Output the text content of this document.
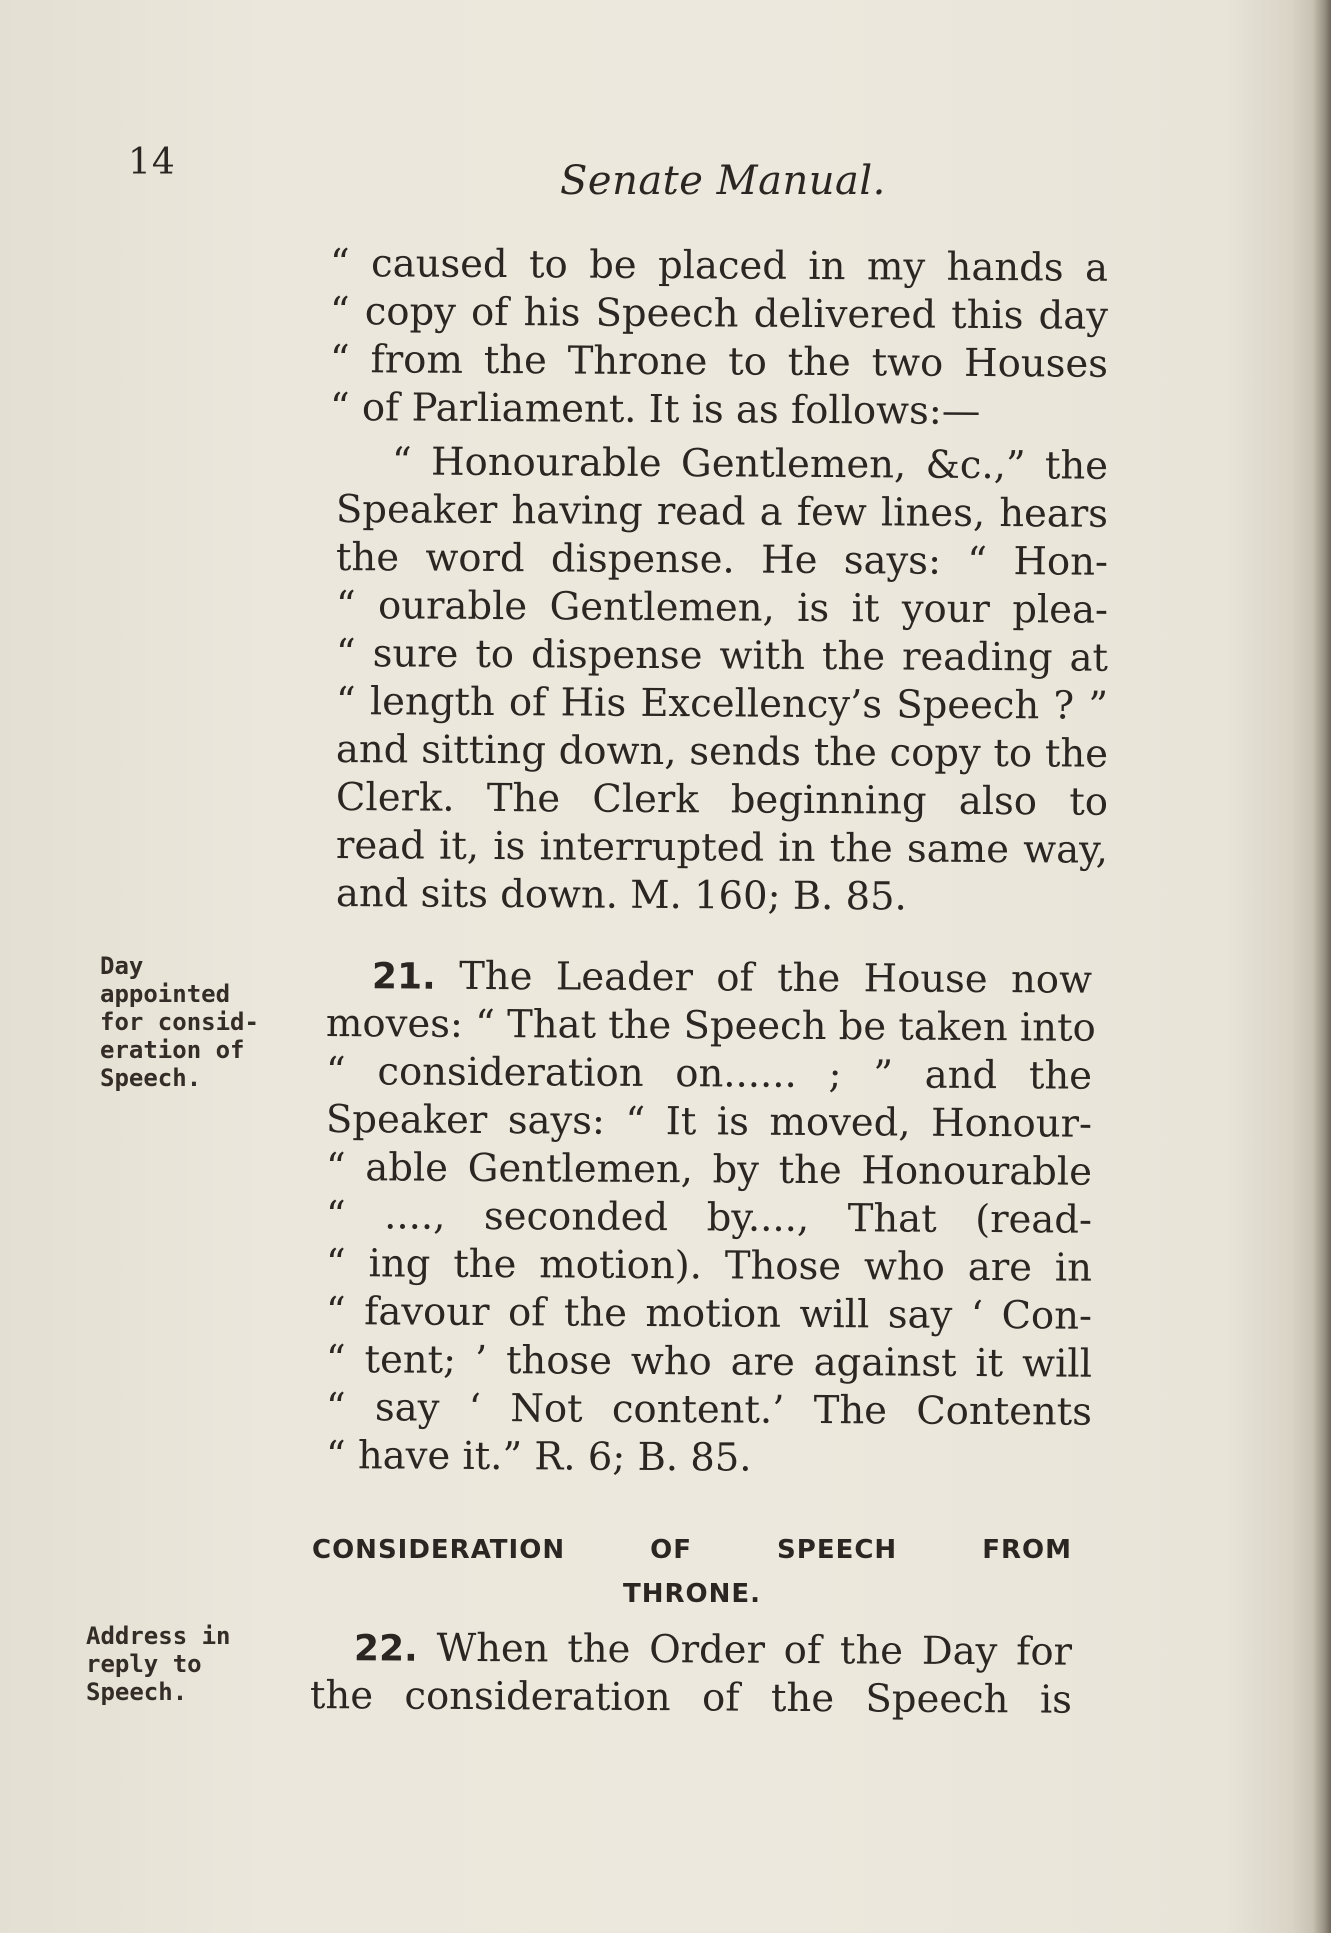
14	Senate Manual.
“ caused to be placed in my hands a
“ copy of his Speech delivered this day
“ from the Throne to the two Houses
“ of Parliament. It is as follows:—
“ Honourable Gentlemen, &c.,” the
Speaker having read a few lines, hears
the word dispense. He says: “ Hon-
“ ourable Gentlemen, is it your plea-
“ sure to dispense with the reading at
“ length of His Excellency’s Speech ? ”
and sitting down, sends the copy to the
Clerk. The Clerk beginning also to
read it, is interrupted in the same way,
and sits down. M. 160; B. 85.
Day
appointed
for consid-
eration of
Speech.
21. The Leader of the House now
moves: “ That the Speech be taken into
“ consideration on...... ; ” and the
Speaker says: “ It is moved, Honour-
“ able Gentlemen, by the Honourable
“ ...., seconded by...., That (read-
“ ing the motion). Those who are in
“ favour of the motion will say ‘ Con-
“ tent; ’ those who are against it will
“ say ‘ Not content.’ The Contents
“ have it.” R. 6; B. 85.
CONSIDERATION OF SPEECH FROM
THRONE.
Address in
reply to
Speech.
22. When the Order of the Day for
the consideration of the Speech is
